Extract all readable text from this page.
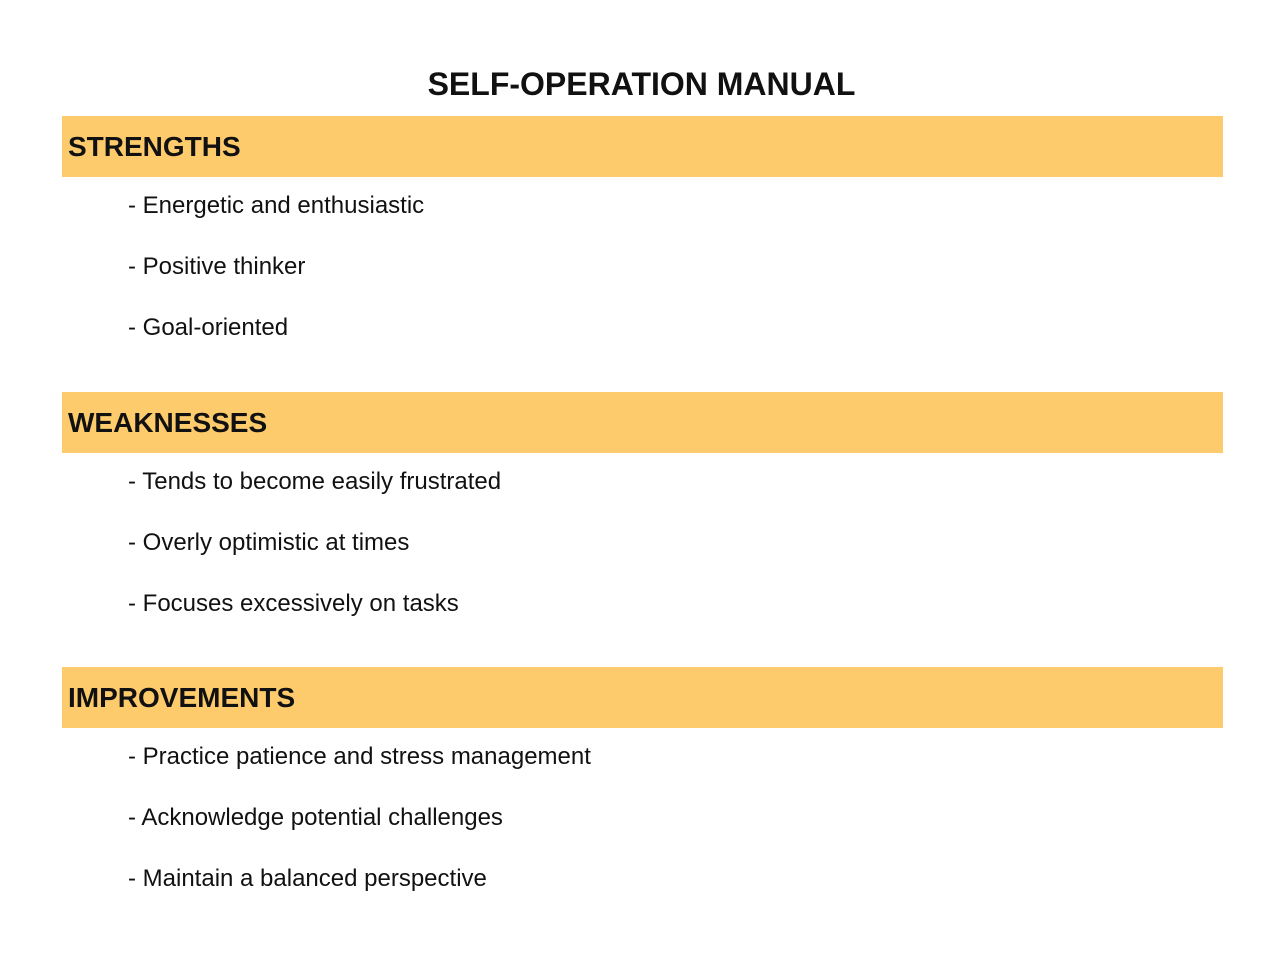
SELF-OPERATION MANUAL
STRENGTHS
- Energetic and enthusiastic
- Positive thinker
- Goal-oriented
WEAKNESSES
- Tends to become easily frustrated
- Overly optimistic at times
- Focuses excessively on tasks
IMPROVEMENTS
- Practice patience and stress management
- Acknowledge potential challenges
- Maintain a balanced perspective
